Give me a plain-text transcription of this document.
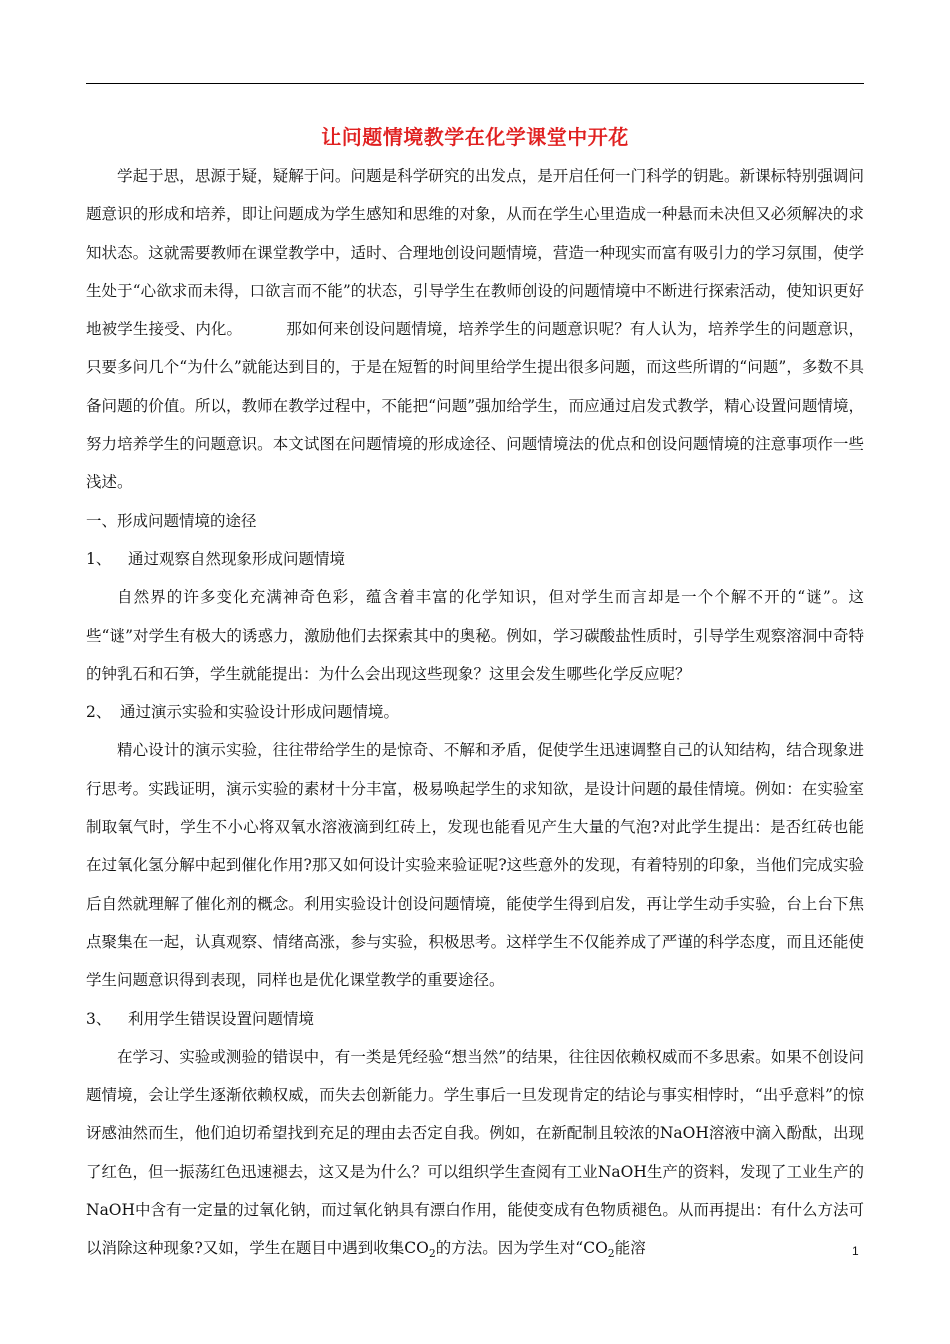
让问题情境教学在化学课堂中开花

学起于思，思源于疑，疑解于问。问题是科学研究的出发点，是开启任何一门科学的钥匙。新课标特别强调问题意识的形成和培养，即让问题成为学生感知和思维的对象，从而在学生心里造成一种悬而未决但又必须解决的求知状态。这就需要教师在课堂教学中，适时、合理地创设问题情境，营造一种现实而富有吸引力的学习氛围，使学生处于“心欲求而未得，口欲言而不能”的状态，引导学生在教师创设的问题情境中不断进行探索活动，使知识更好地被学生接受、内化。	那如何来创设问题情境，培养学生的问题意识呢？有人认为，培养学生的问题意识，只要多问几个“为什么”就能达到目的，于是在短暂的时间里给学生提出很多问题，而这些所谓的“问题”，多数不具备问题的价值。所以，教师在教学过程中，不能把“问题”强加给学生，而应通过启发式教学，精心设置问题情境，努力培养学生的问题意识。本文试图在问题情境的形成途径、问题情境法的优点和创设问题情境的注意事项作一些浅述。

一、形成问题情境的途径

1、 通过观察自然现象形成问题情境

自然界的许多变化充满神奇色彩，蕴含着丰富的化学知识，但对学生而言却是一个个解不开的“谜”。这些“谜”对学生有极大的诱惑力，激励他们去探索其中的奥秘。例如，学习碳酸盐性质时，引导学生观察溶洞中奇特的钟乳石和石笋，学生就能提出：为什么会出现这些现象？这里会发生哪些化学反应呢？

2、 通过演示实验和实验设计形成问题情境。

精心设计的演示实验，往往带给学生的是惊奇、不解和矛盾，促使学生迅速调整自己的认知结构，结合现象进行思考。实践证明，演示实验的素材十分丰富，极易唤起学生的求知欲，是设计问题的最佳情境。例如：在实验室制取氧气时，学生不小心将双氧水溶液滴到红砖上，发现也能看见产生大量的气泡?对此学生提出：是否红砖也能在过氧化氢分解中起到催化作用?那又如何设计实验来验证呢?这些意外的发现，有着特别的印象，当他们完成实验后自然就理解了催化剂的概念。利用实验设计创设问题情境，能使学生得到启发，再让学生动手实验，台上台下焦点聚集在一起，认真观察、情绪高涨，参与实验，积极思考。这样学生不仅能养成了严谨的科学态度，而且还能使学生问题意识得到表现，同样也是优化课堂教学的重要途径。

3、 利用学生错误设置问题情境

在学习、实验或测验的错误中，有一类是凭经验“想当然”的结果，往往因依赖权威而不多思索。如果不创设问题情境，会让学生逐渐依赖权威，而失去创新能力。学生事后一旦发现肯定的结论与事实相悖时，“出乎意料”的惊讶感油然而生，他们迫切希望找到充足的理由去否定自我。例如，在新配制且较浓的NaOH溶液中滴入酚酞，出现了红色，但一振荡红色迅速褪去，这又是为什么？可以组织学生查阅有工业NaOH生产的资料，发现了工业生产的NaOH中含有一定量的过氧化钠，而过氧化钠具有漂白作用，能使变成有色物质褪色。从而再提出：有什么方法可以消除这种现象?又如，学生在题目中遇到收集$CO_2$的方法。因为学生对“$CO_2$能溶	1
